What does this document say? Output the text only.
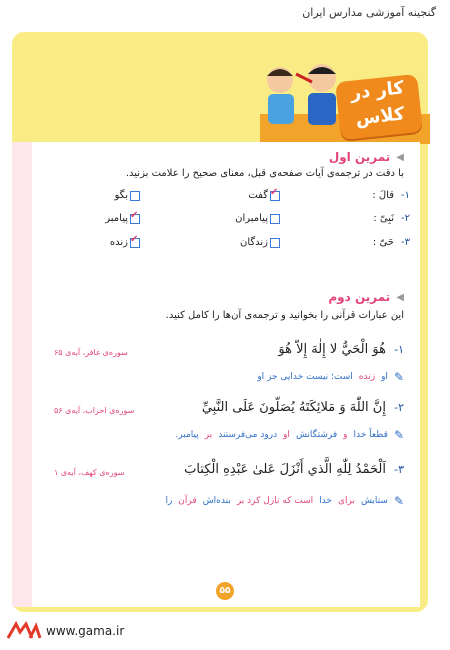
گنجینه آموزشی مدارس ایران
کار در
کلاس
◀
تمرین اول
با دقت در ترجمه‌ی آیات صفحه‌ی قبل، معنای صحیح را علامت بزنید.
۱-
قالَ :
✔
گفت
بگو
۲-
نَبِیّ :
پیامبران
✔
پیامبر
۳-
حَیّ :
زندگان
✔
زنده
◀
تمرین دوم
این عبارات قرآنی را بخوانید و ترجمه‌ی آن‌ها را کامل کنید.
۱- هُوَ الْحَيُّ لا إِلٰهَ إِلاّ هُوَ
سوره‌ی غافر، آیه‌ی ۶۵
✎
او
زنده
است؛ نیست خدایی جز او
۲- إِنَّ اللّٰهَ وَ مَلائِكَتَهُ يُصَلّونَ عَلَى النَّبِيِّ
سوره‌ی احزاب، آیه‌ی ۵۶
✎
قطعاً خدا
و
فرشتگانش
او
درود می‌فرستند
بر
پیامبر.
۳- اَلْحَمْدُ لِلّٰهِ الَّذي أَنْزَلَ عَلىٰ عَبْدِهِ الْكِتابَ
سوره‌ی کهف، آیه‌ی ۱
✎
ستایش
برای
خدا
است که نازل کرد بر
بنده‌اش
قرآن
را
۵۵
www.gama.ir
